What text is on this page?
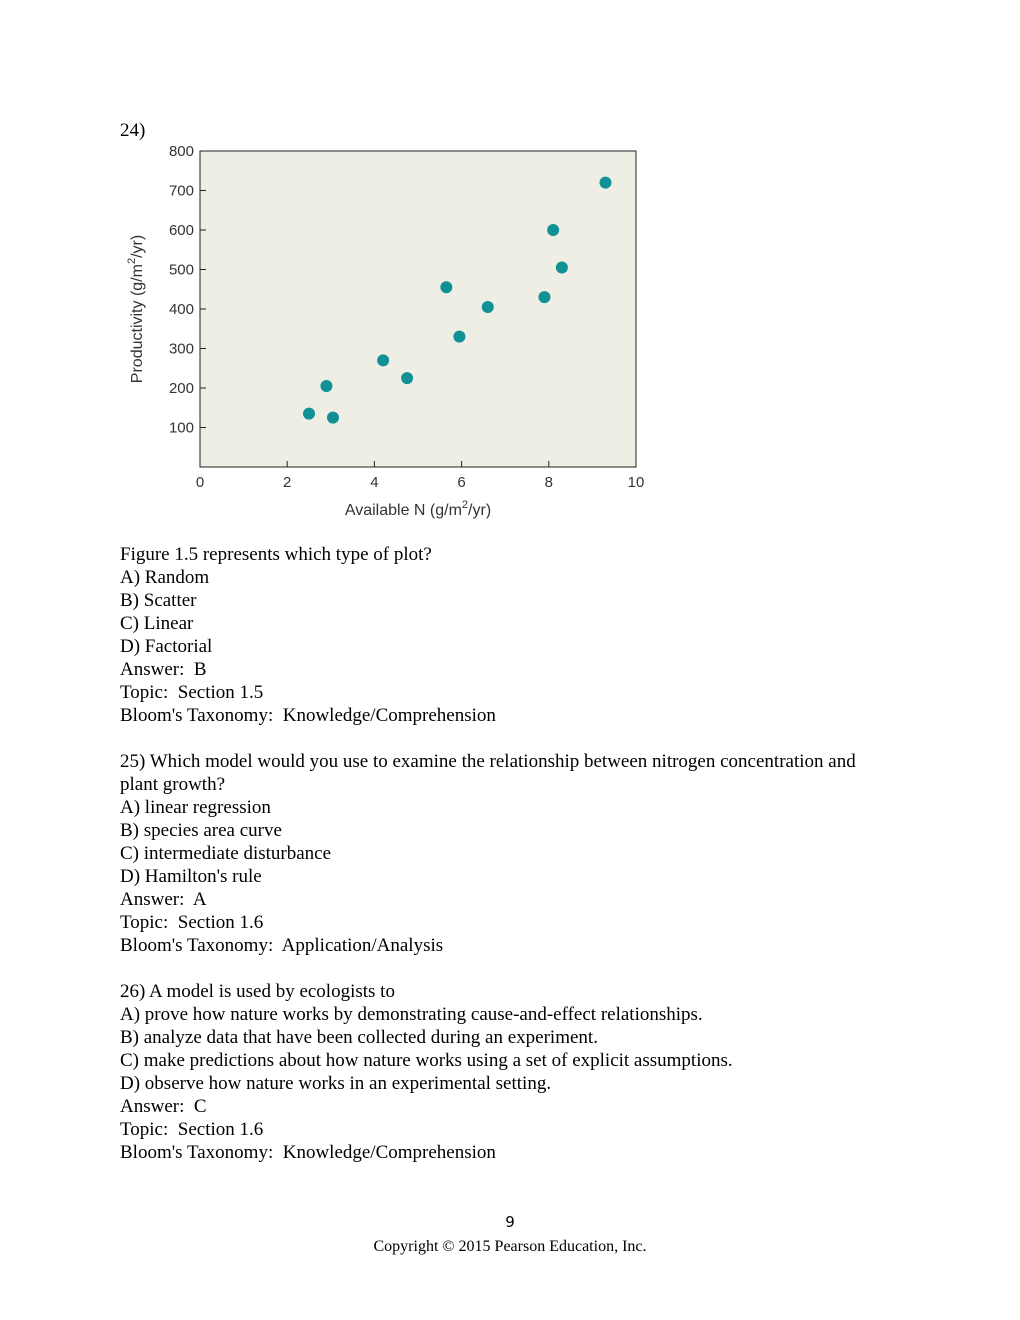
24)
0	2	4	6	8	10
100
200
300
400
500
600
700
800
Available N $(g/m^2/yr)$
Productivity $(g/m^2/yr)$
Figure 1.5 represents which type of plot?
A) Random
B) Scatter
C) Linear
D) Factorial
Answer:  B
Topic:  Section 1.5
Bloom's Taxonomy:  Knowledge/Comprehension
25) Which model would you use to examine the relationship between nitrogen concentration and
plant growth?
A) linear regression
B) species area curve
C) intermediate disturbance
D) Hamilton's rule
Answer:  A
Topic:  Section 1.6
Bloom's Taxonomy:  Application/Analysis
26) A model is used by ecologists to
A) prove how nature works by demonstrating cause-and-effect relationships.
B) analyze data that have been collected during an experiment.
C) make predictions about how nature works using a set of explicit assumptions.
D) observe how nature works in an experimental setting.
Answer:  C
Topic:  Section 1.6
Bloom's Taxonomy:  Knowledge/Comprehension
9
Copyright © 2015 Pearson Education, Inc.
